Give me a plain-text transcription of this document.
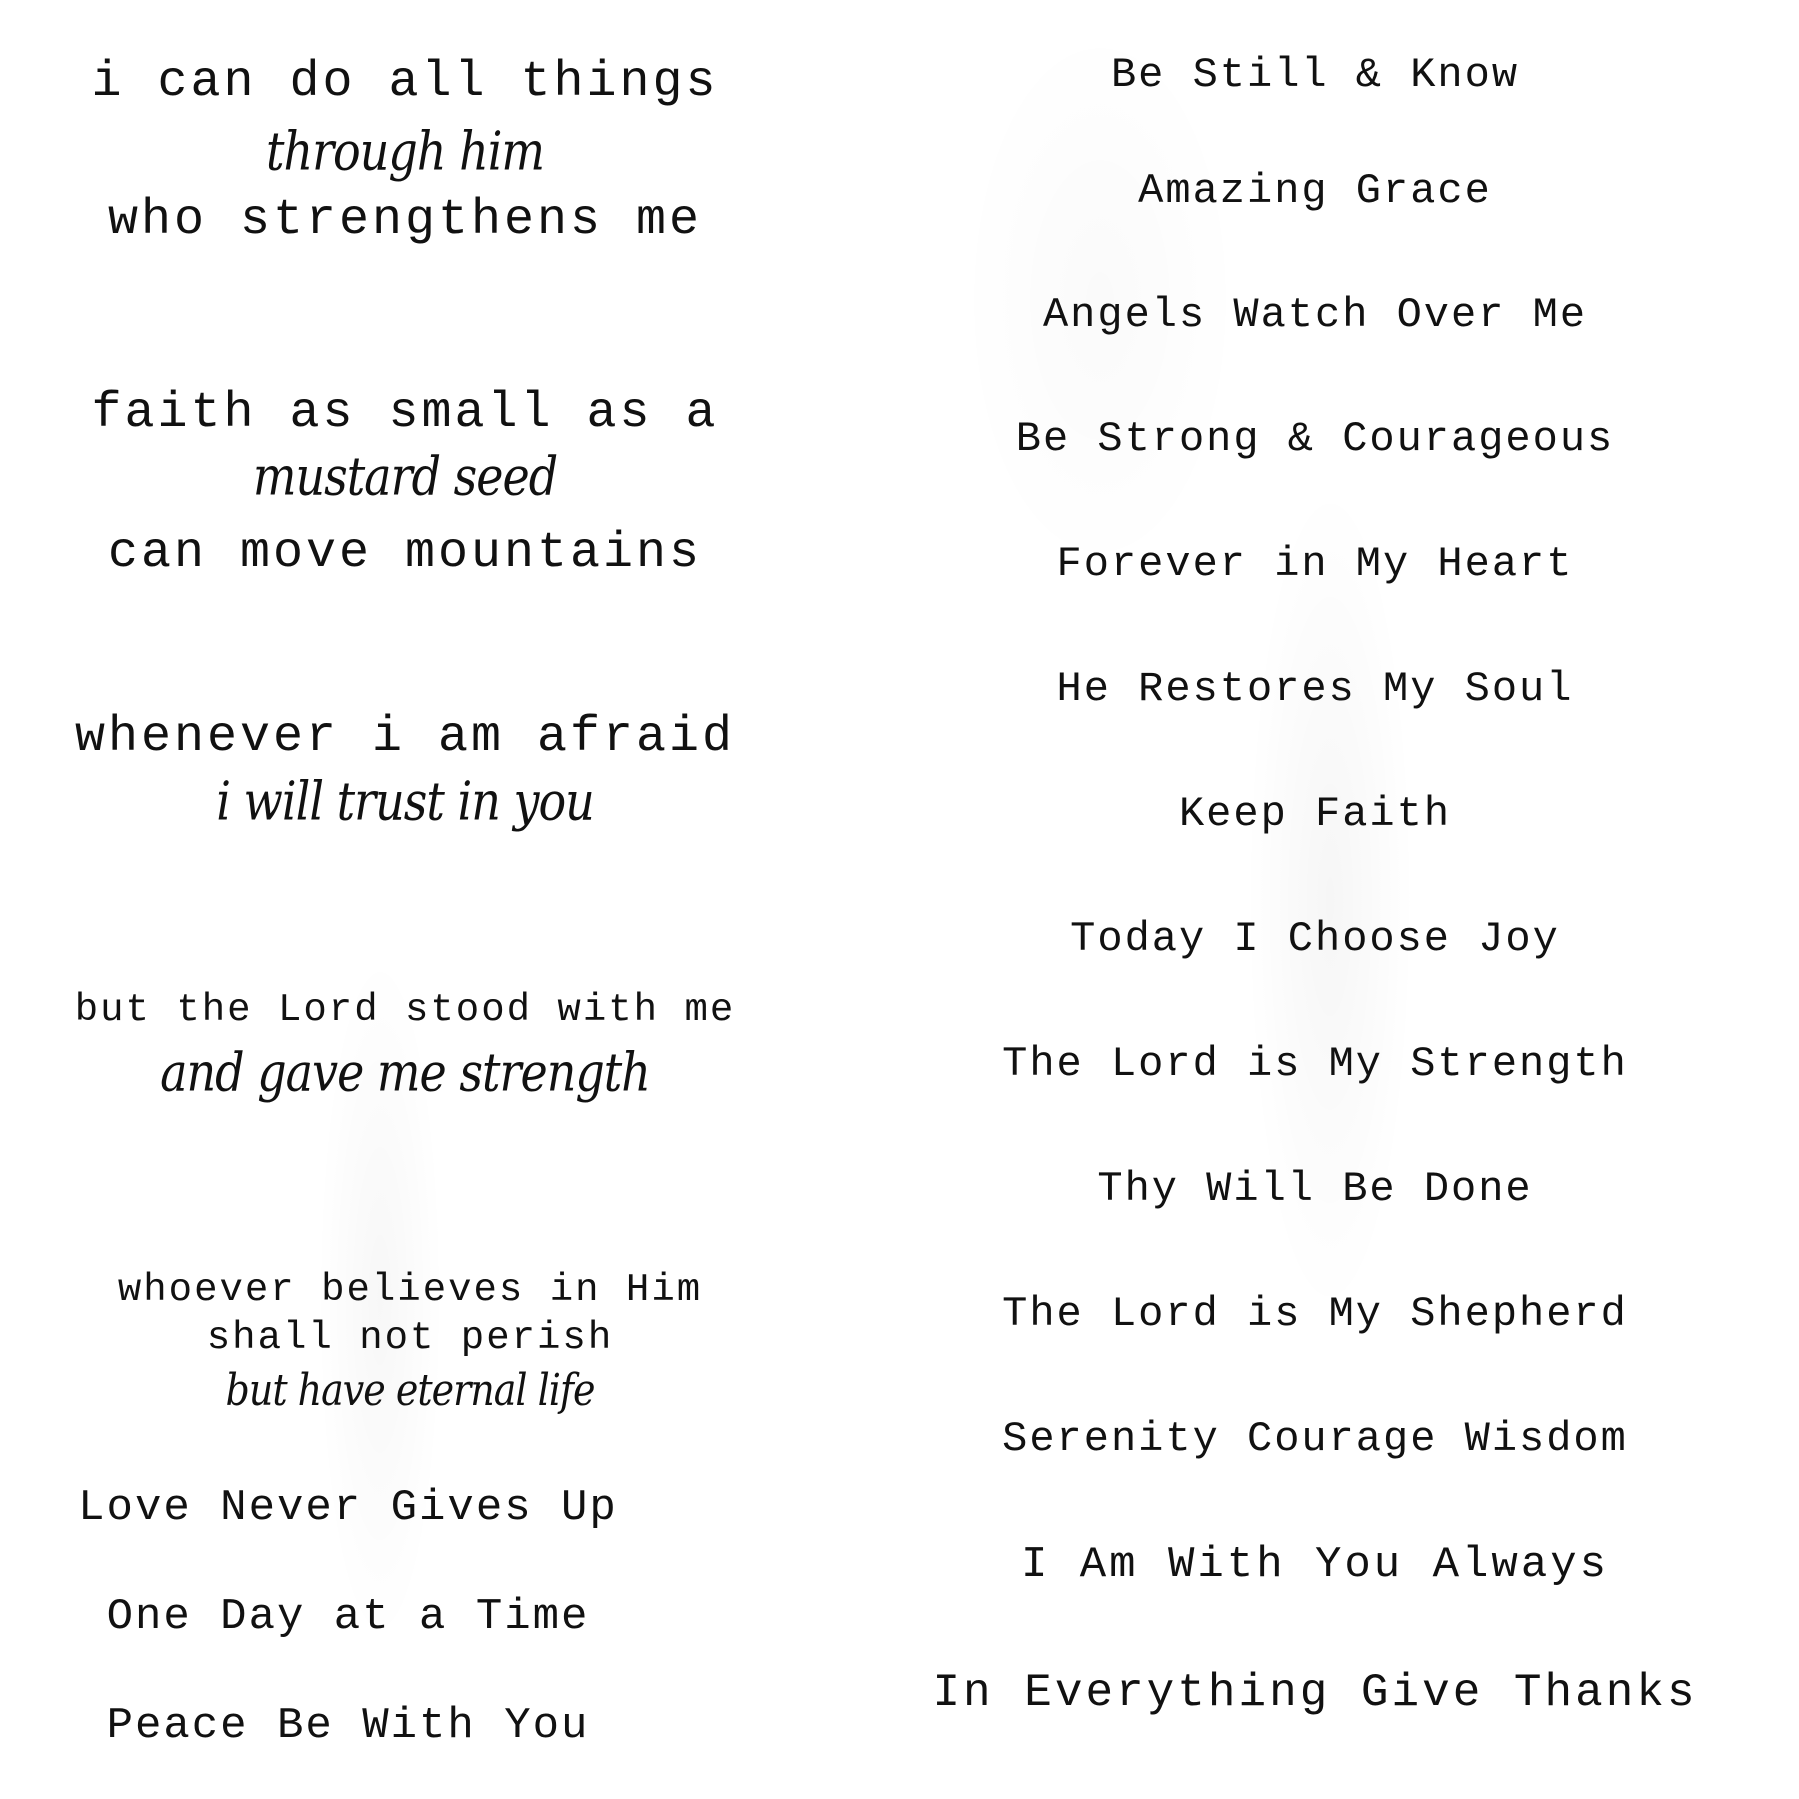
i can do all things
through him
who strengthens me
faith as small as a
mustard seed
can move mountains
whenever i am afraid
i will trust in you
but the Lord stood with me
and gave me strength
whoever believes in Him
shall not perish
but have eternal life
Love Never Gives Up
One Day at a Time
Peace Be With You
Be Still & Know
Amazing Grace
Angels Watch Over Me
Be Strong & Courageous
Forever in My Heart
He Restores My Soul
Keep Faith
Today I Choose Joy
The Lord is My Strength
Thy Will Be Done
The Lord is My Shepherd
Serenity Courage Wisdom
I Am With You Always
In Everything Give Thanks
